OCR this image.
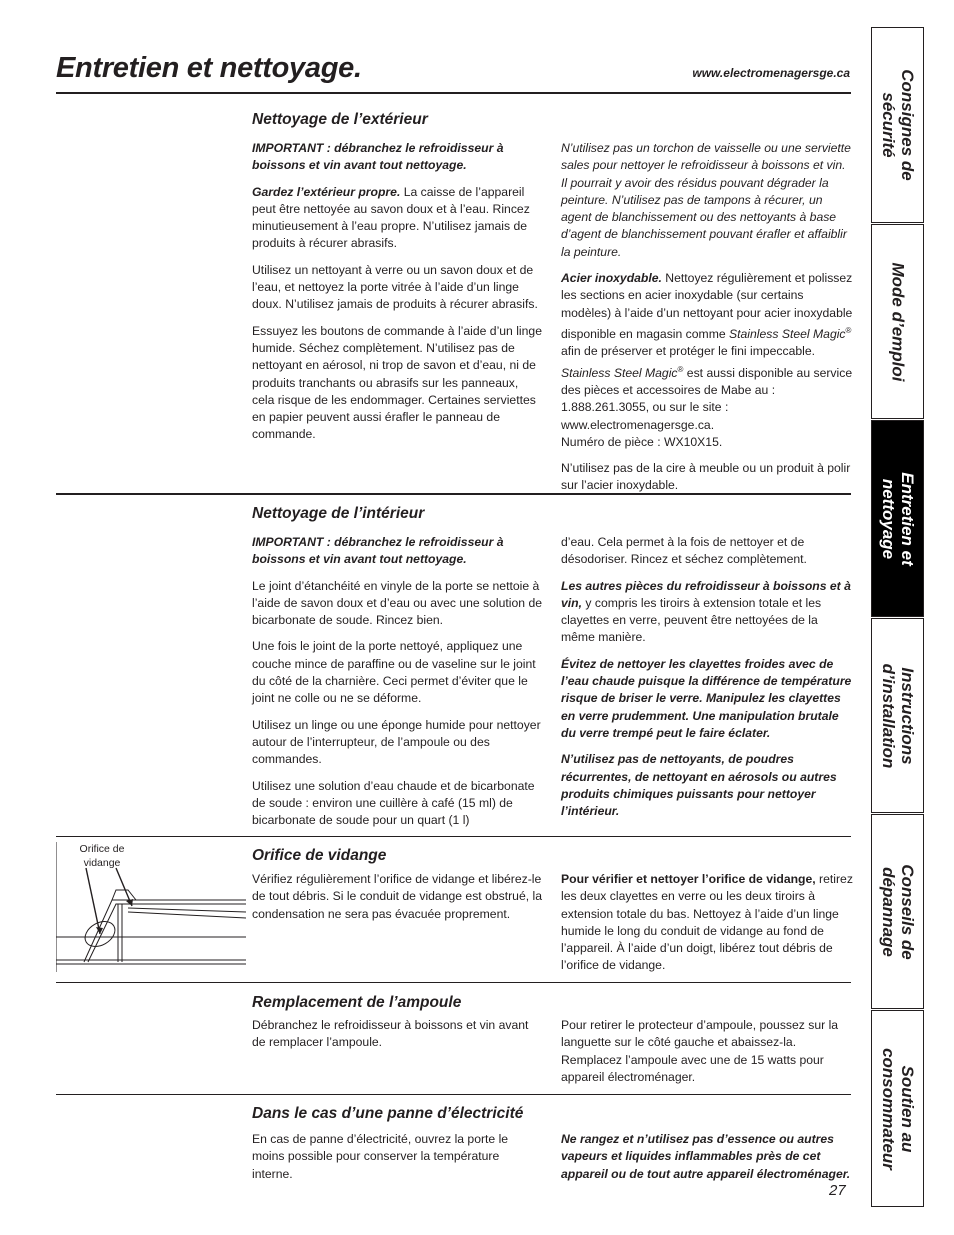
Entretien et nettoyage.	www.electromenagersge.ca
Nettoyage de l’extérieur

IMPORTANT : débranchez le refroidisseur à boissons et vin avant tout nettoyage.

Gardez l’extérieur propre. La caisse de l’appareil peut être nettoyée au savon doux et à l’eau. Rincez minutieusement à l’eau propre. N’utilisez jamais de produits à récurer abrasifs.

Utilisez un nettoyant à verre ou un savon doux et de l’eau, et nettoyez la porte vitrée à l’aide d’un linge doux. N’utilisez jamais de produits à récurer abrasifs.

Essuyez les boutons de commande à l’aide d’un linge humide. Séchez complètement. N’utilisez pas de nettoyant en aérosol, ni trop de savon et d’eau, ni de produits tranchants ou abrasifs sur les panneaux, cela risque de les endommager. Certaines serviettes en papier peuvent aussi érafler le panneau de commande.

N’utilisez pas un torchon de vaisselle ou une serviette sales pour nettoyer le refroidisseur à boissons et vin. Il pourrait y avoir des résidus pouvant dégrader la peinture. N’utilisez pas de tampons à récurer, un agent de blanchissement ou des nettoyants à base d’agent de blanchissement pouvant érafler et affaiblir la peinture.

Acier inoxydable. Nettoyez régulièrement et polissez les sections en acier inoxydable (sur certains modèles) à l’aide d’un nettoyant pour acier inoxydable disponible en magasin comme Stainless Steel Magic® afin de préserver et protéger le fini impeccable. Stainless Steel Magic® est aussi disponible au service des pièces et accessoires de Mabe au : 1.888.261.3055, ou sur le site : www.electromenagersge.ca.
Numéro de pièce : WX10X15.

N’utilisez pas de la cire à meuble ou un produit à polir sur l’acier inoxydable.

Nettoyage de l’intérieur

IMPORTANT : débranchez le refroidisseur à boissons et vin avant tout nettoyage.

Le joint d’étanchéité en vinyle de la porte se nettoie à l’aide de savon doux et d’eau ou avec une solution de bicarbonate de soude. Rincez bien.

Une fois le joint de la porte nettoyé, appliquez une couche mince de paraffine ou de vaseline sur le joint du côté de la charnière. Ceci permet d’éviter que le joint ne colle ou ne se déforme.

Utilisez un linge ou une éponge humide pour nettoyer autour de l’interrupteur, de l’ampoule ou des commandes.

Utilisez une solution d’eau chaude et de bicarbonate de soude : environ une cuillère à café (15 ml) de bicarbonate de soude pour un quart (1 l)

d’eau. Cela permet à la fois de nettoyer et de désodoriser. Rincez et séchez complètement.

Les autres pièces du refroidisseur à boissons et à vin, y compris les tiroirs à extension totale et les clayettes en verre, peuvent être nettoyées de la même manière.

Évitez de nettoyer les clayettes froides avec de l’eau chaude puisque la différence de température risque de briser le verre. Manipulez les clayettes en verre prudemment. Une manipulation brutale du verre trempé peut le faire éclater.

N’utilisez pas de nettoyants, de poudres récurrentes, de nettoyant en aérosols ou autres produits chimiques puissants pour nettoyer l’intérieur.

Orifice de
vidange	Orifice de vidange

Vérifiez régulièrement l’orifice de vidange et libérez-le de tout débris. Si le conduit de vidange est obstrué, la condensation ne sera pas évacuée proprement.

Pour vérifier et nettoyer l’orifice de vidange, retirez les deux clayettes en verre ou les deux tiroirs à extension totale du bas. Nettoyez à l’aide d’un linge humide le long du conduit de vidange au fond de l’appareil. À l’aide d’un doigt, libérez tout débris de l’orifice de vidange.

Remplacement de l’ampoule

Débranchez le refroidisseur à boissons et vin avant de remplacer l’ampoule.

Pour retirer le protecteur d’ampoule, poussez sur la languette sur le côté gauche et abaissez-la. Remplacez l’ampoule avec une de 15 watts pour appareil électroménager.

Dans le cas d’une panne d’électricité

En cas de panne d’électricité, ouvrez la porte le moins possible pour conserver la température interne.

Ne rangez et n’utilisez pas d’essence ou autres vapeurs et liquides inflammables près de cet appareil ou de tout autre appareil électroménager.

27
Consignes de
sécurité
Mode d’emploi
Entretien et
nettoyage
Instructions
d’installation
Conseils de
dépannage
Soutien au
consommateur
